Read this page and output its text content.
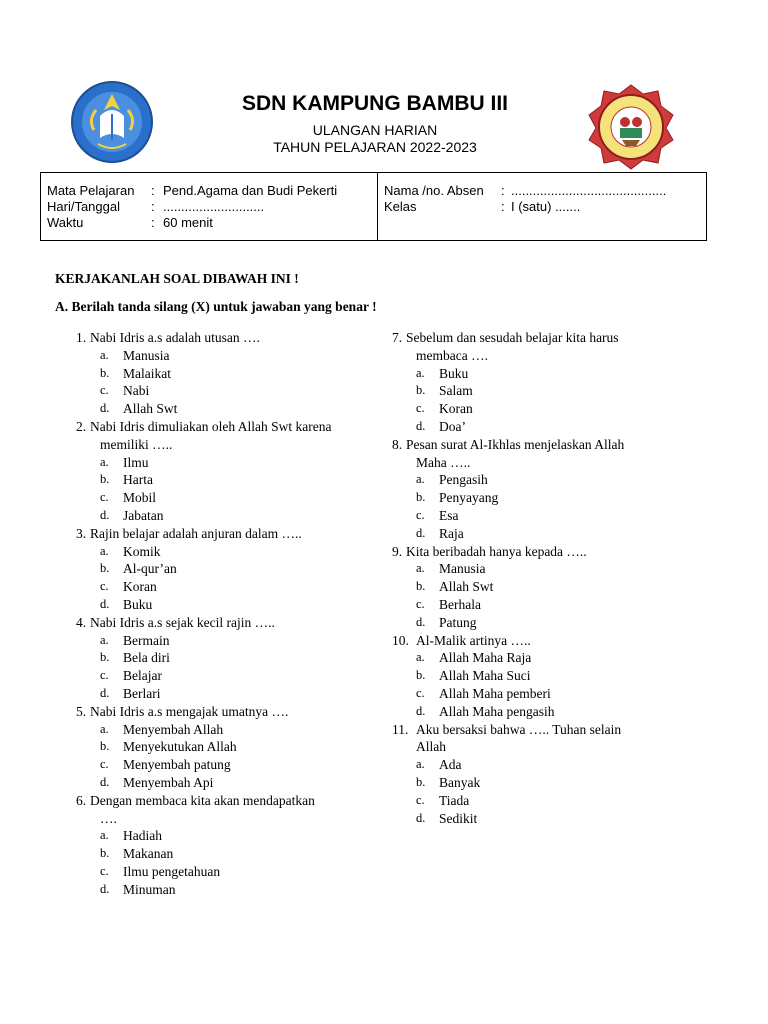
SDN KAMPUNG BAMBU III
ULANGAN HARIAN
TAHUN PELAJARAN 2022-2023
Mata Pelajaran : Pend.Agama dan Budi Pekerti
Hari/Tanggal : ............................
Waktu	: 60 menit
Nama /no. Absen : ...........................................
Kelas	: I (satu) .......
KERJAKANLAH SOAL DIBAWAH INI !
A. Berilah tanda silang (X) untuk jawaban yang benar !
1. Nabi Idris a.s adalah utusan ….
a. Manusia
b. Malaikat
c. Nabi
d. Allah Swt
2. Nabi Idris dimuliakan oleh Allah Swt karena
memiliki …..
a. Ilmu
b. Harta
c. Mobil
d. Jabatan
3. Rajin belajar adalah anjuran dalam …..
a. Komik
b. Al-qur’an
c. Koran
d. Buku
4. Nabi Idris a.s sejak kecil rajin …..
a. Bermain
b. Bela diri
c. Belajar
d. Berlari
5. Nabi Idris a.s mengajak umatnya ….
a. Menyembah Allah
b. Menyekutukan Allah
c. Menyembah patung
d. Menyembah Api
6. Dengan membaca kita akan mendapatkan
….
a. Hadiah
b. Makanan
c. Ilmu pengetahuan
d. Minuman
7. Sebelum dan sesudah belajar kita harus
membaca ….
a. Buku
b. Salam
c. Koran
d. Doa’
8. Pesan surat Al-Ikhlas menjelaskan Allah
Maha …..
a. Pengasih
b. Penyayang
c. Esa
d. Raja
9. Kita beribadah hanya kepada …..
a. Manusia
b. Allah Swt
c. Berhala
d. Patung
10. Al-Malik artinya …..
a. Allah Maha Raja
b. Allah Maha Suci
c. Allah Maha pemberi
d. Allah Maha pengasih
11. Aku bersaksi bahwa ….. Tuhan selain
Allah
a. Ada
b. Banyak
c. Tiada
d. Sedikit
